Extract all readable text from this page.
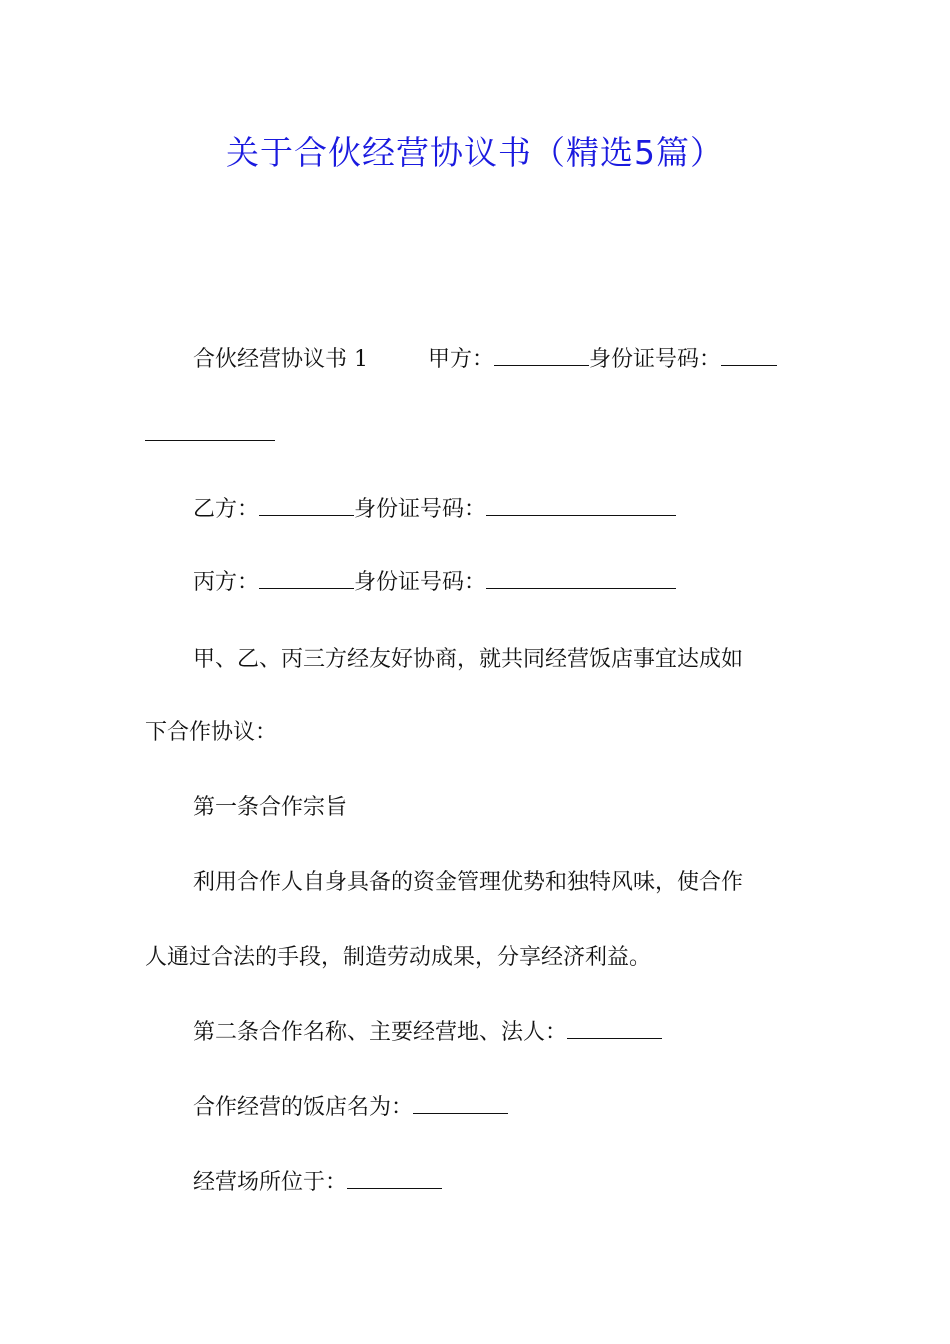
关于合伙经营协议书（精选5篇）
合伙经营协议书 1	甲方：	身份证号码：
乙方：	身份证号码：
丙方：	身份证号码：
甲、乙、丙三方经友好协商，就共同经营饭店事宜达成如
下合作协议：
第一条合作宗旨
利用合作人自身具备的资金管理优势和独特风味，使合作
人通过合法的手段，制造劳动成果，分享经济利益。
第二条合作名称、主要经营地、法人：
合作经营的饭店名为：
经营场所位于：
